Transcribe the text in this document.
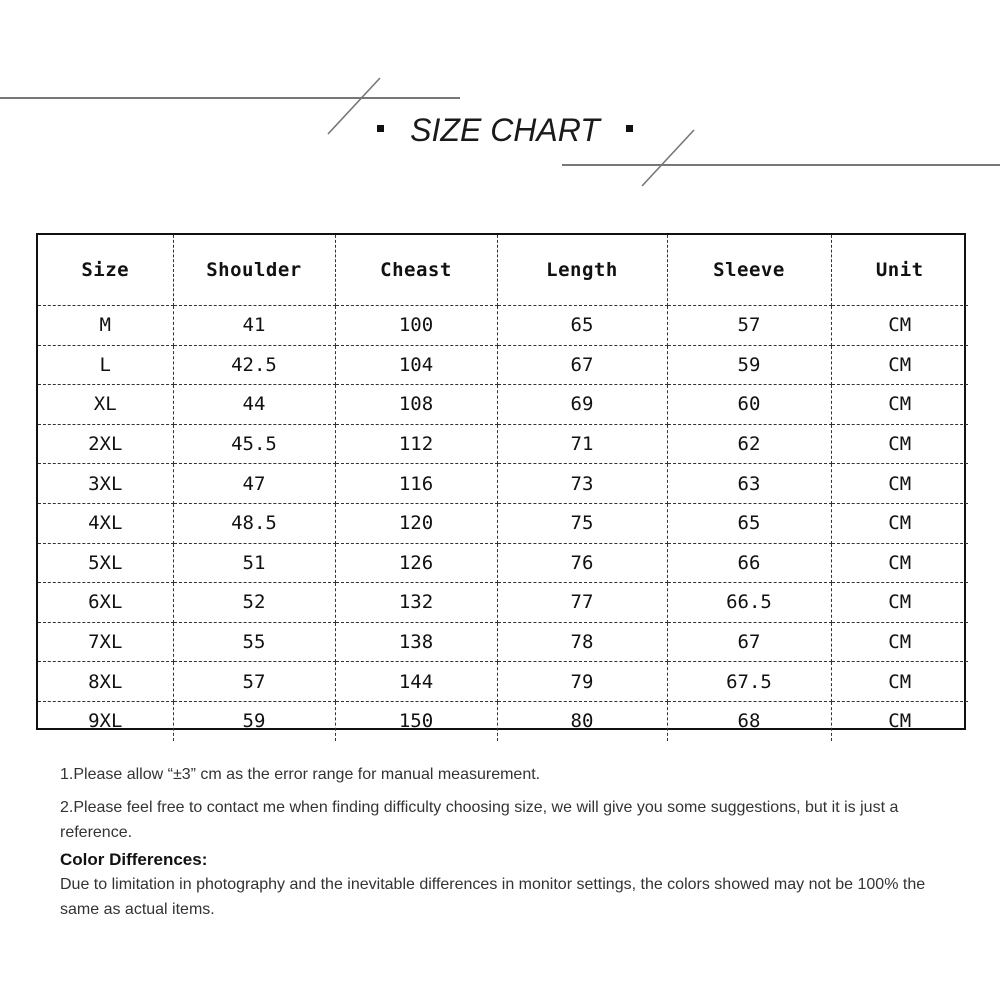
SIZE CHART
Size	Shoulder	Cheast	Length	Sleeve	Unit
M	41	100	65	57	CM
L	42.5	104	67	59	CM
XL	44	108	69	60	CM
2XL	45.5	112	71	62	CM
3XL	47	116	73	63	CM
4XL	48.5	120	75	65	CM
5XL	51	126	76	66	CM
6XL	52	132	77	66.5	CM
7XL	55	138	78	67	CM
8XL	57	144	79	67.5	CM
9XL	59	150	80	68	CM

1.Please allow “±3” cm as the error range for manual measurement.

2.Please feel free to contact me when finding difficulty choosing size, we will give you some suggestions, but it is just a reference.

Color Differences:

Due to limitation in photography and the inevitable differences in monitor settings, the colors showed may not be 100% the same as actual items.
